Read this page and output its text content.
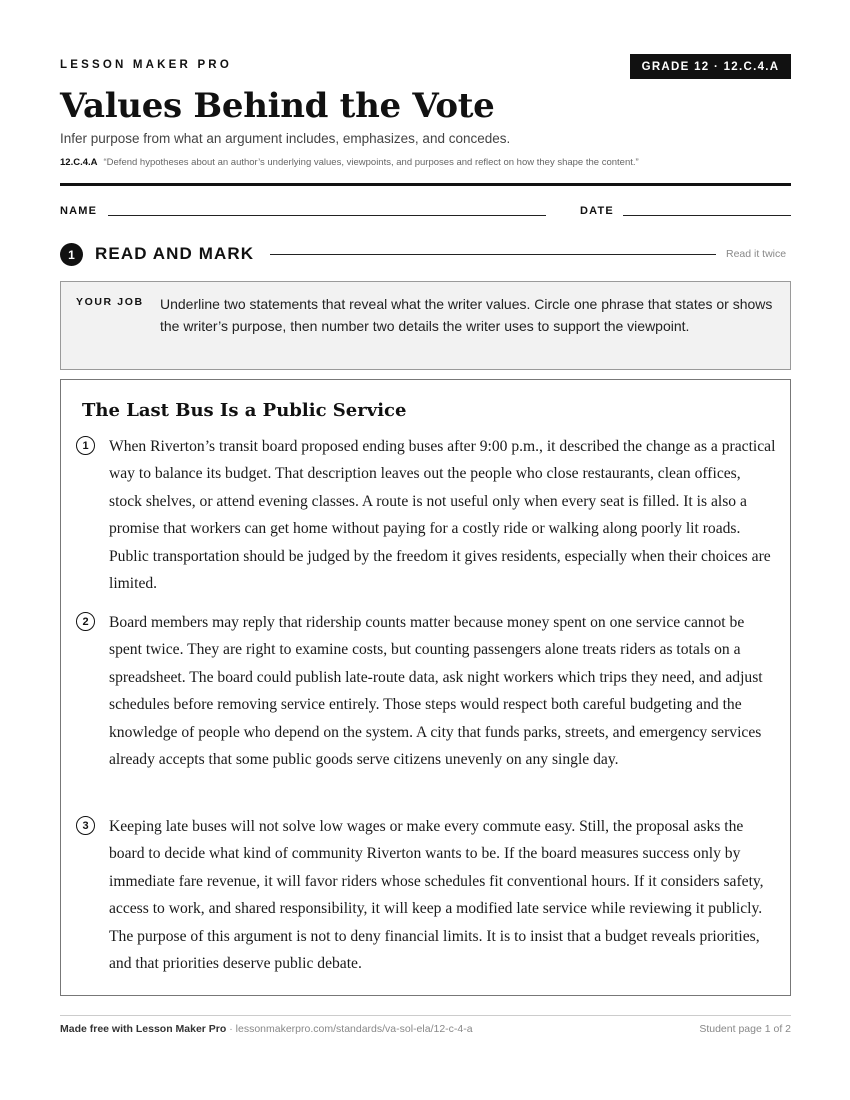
LESSON MAKER PRO	GRADE 12 · 12.C.4.A
Values Behind the Vote
Infer purpose from what an argument includes, emphasizes, and concedes.
12.C.4.A “Defend hypotheses about an author’s underlying values, viewpoints, and purposes and reflect on how they shape the content.”
NAME	DATE
1	READ AND MARK	Read it twice
YOUR JOB Underline two statements that reveal what the writer values. Circle one phrase that states or shows the writer’s purpose, then number two details the writer uses to support the viewpoint.
The Last Bus Is a Public Service
1	When Riverton’s transit board proposed ending buses after 9:00 p.m., it described the change as a practical way to balance its budget. That description leaves out the people who close restaurants, clean offices, stock shelves, or attend evening classes. A route is not useful only when every seat is filled. It is also a promise that workers can get home without paying for a costly ride or walking along poorly lit roads. Public transportation should be judged by the freedom it gives residents, especially when their choices are limited.

2	Board members may reply that ridership counts matter because money spent on one service cannot be spent twice. They are right to examine costs, but counting passengers alone treats riders as totals on a spreadsheet. The board could publish late-route data, ask night workers which trips they need, and adjust schedules before removing service entirely. Those steps would respect both careful budgeting and the knowledge of people who depend on the system. A city that funds parks, streets, and emergency services already accepts that some public goods serve citizens unevenly on any single day.

3	Keeping late buses will not solve low wages or make every commute easy. Still, the proposal asks the board to decide what kind of community Riverton wants to be. If the board measures success only by immediate fare revenue, it will favor riders whose schedules fit conventional hours. If it considers safety, access to work, and shared responsibility, it will keep a modified late service while reviewing it publicly. The purpose of this argument is not to deny financial limits. It is to insist that a budget reveals priorities, and that priorities deserve public debate.

Made free with Lesson Maker Pro · lessonmakerpro.com/standards/va-sol-ela/12-c-4-a	Student page 1 of 2
